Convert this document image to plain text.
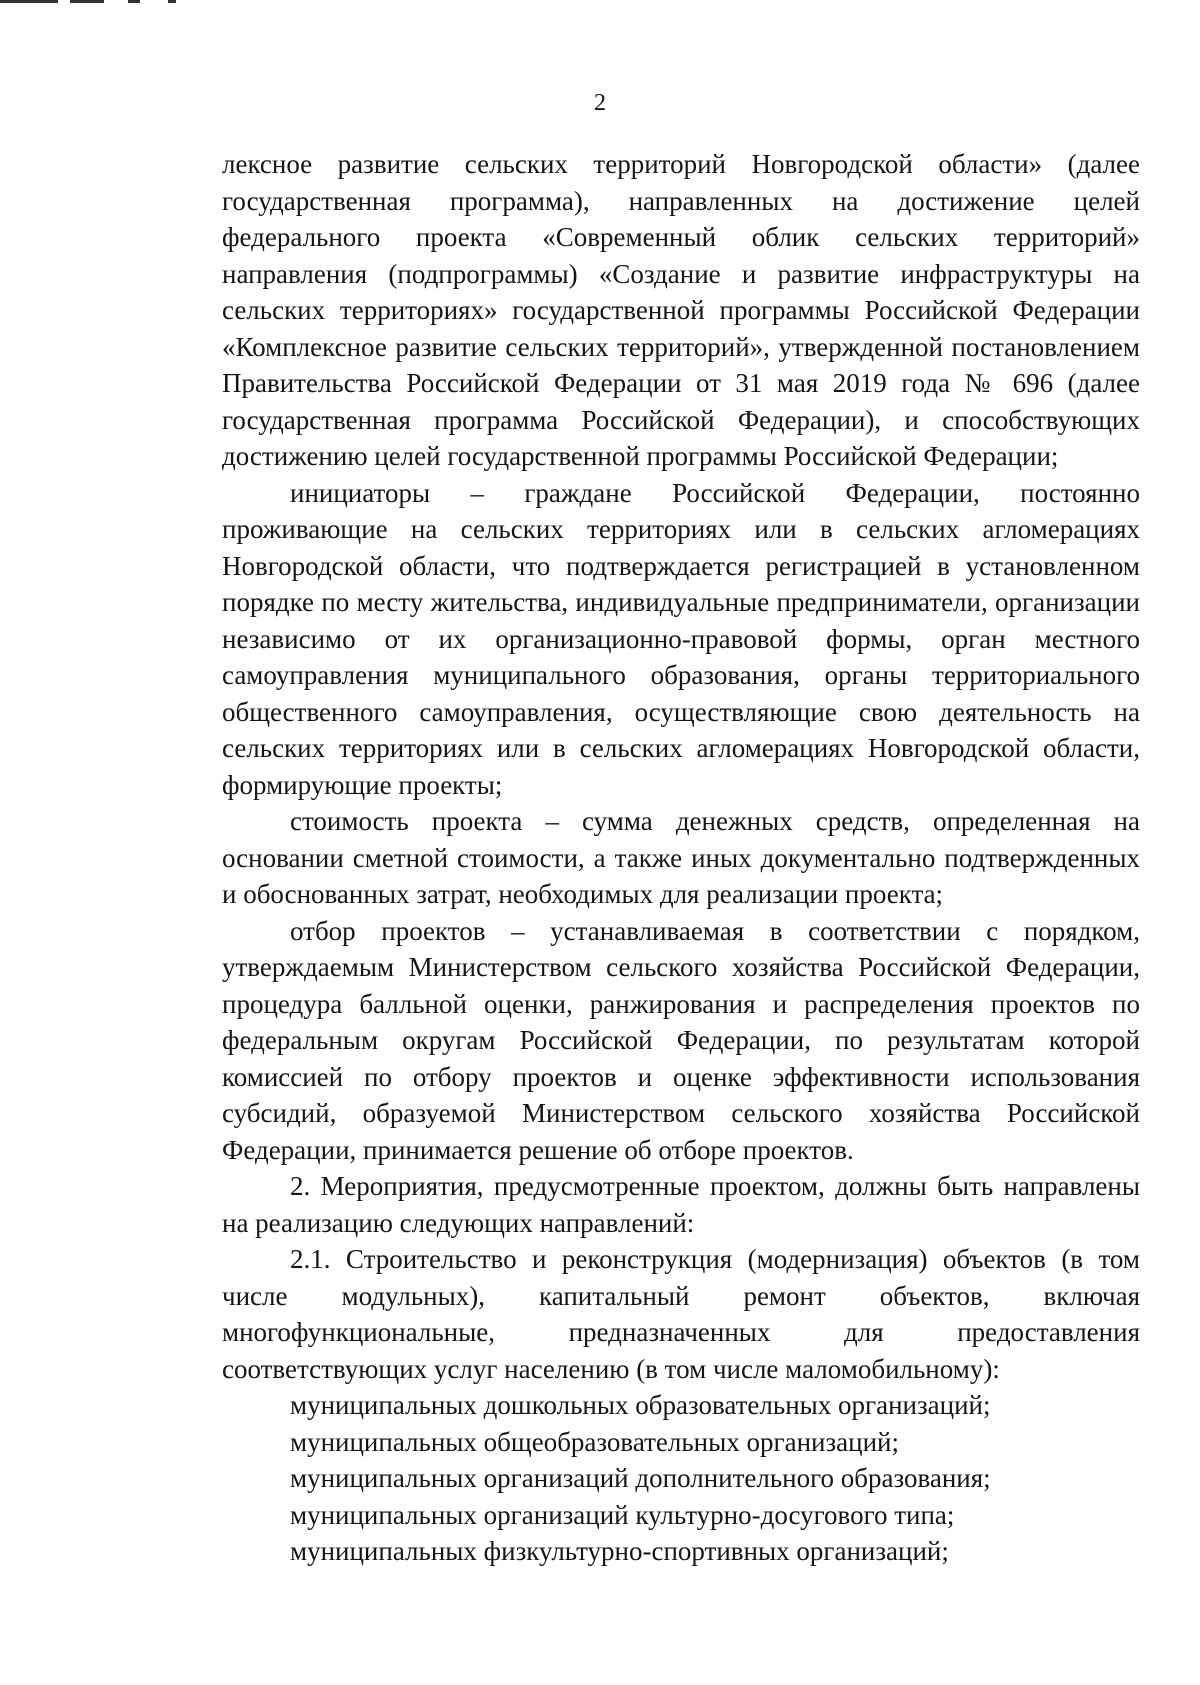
2

лексное развитие сельских территорий Новгородской области» (далее государственная программа), направленных на достижение целей федерального проекта «Современный облик сельских территорий» направления (подпрограммы) «Создание и развитие инфраструктуры на сельских территориях» государственной программы Российской Федерации «Комплексное развитие сельских территорий», утвержденной постановлением Правительства Российской Федерации от 31 мая 2019 года № 696 (далее государственная программа Российской Федерации), и способствующих достижению целей государственной программы Российской Федерации;

инициаторы – граждане Российской Федерации, постоянно проживающие на сельских территориях или в сельских агломерациях Новгородской области, что подтверждается регистрацией в установленном порядке по месту жительства, индивидуальные предприниматели, организации независимо от их организационно-правовой формы, орган местного самоуправления муниципального образования, органы территориального общественного самоуправления, осуществляющие свою деятельность на сельских территориях или в сельских агломерациях Новгородской области, формирующие проекты;

стоимость проекта – сумма денежных средств, определенная на основании сметной стоимости, а также иных документально подтвержденных и обоснованных затрат, необходимых для реализации проекта;

отбор проектов – устанавливаемая в соответствии с порядком, утверждаемым Министерством сельского хозяйства Российской Федерации, процедура балльной оценки, ранжирования и распределения проектов по федеральным округам Российской Федерации, по результатам которой комиссией по отбору проектов и оценке эффективности использования субсидий, образуемой Министерством сельского хозяйства Российской Федерации, принимается решение об отборе проектов.

2. Мероприятия, предусмотренные проектом, должны быть направлены на реализацию следующих направлений:

2.1. Строительство и реконструкция (модернизация) объектов (в том числе модульных), капитальный ремонт объектов, включая многофункциональные, предназначенных для предоставления соответствующих услуг населению (в том числе маломобильному):

муниципальных дошкольных образовательных организаций;

муниципальных общеобразовательных организаций;

муниципальных организаций дополнительного образования;

муниципальных организаций культурно-досугового типа;

муниципальных физкультурно-спортивных организаций;
